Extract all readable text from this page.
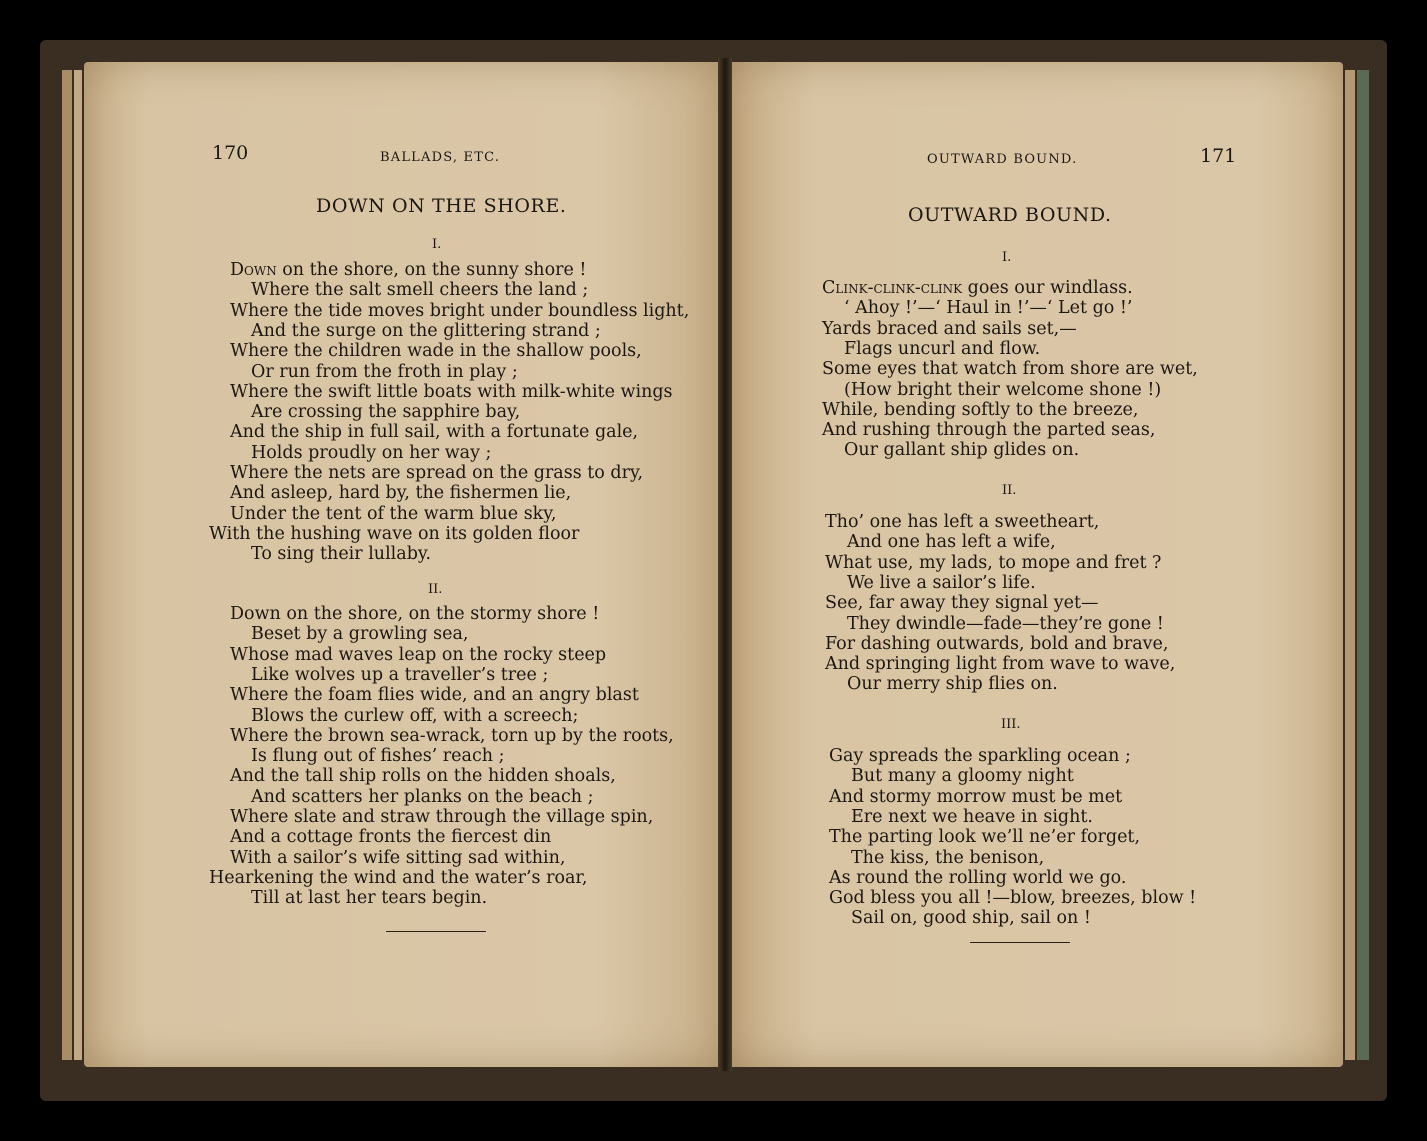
170	BALLADS, ETC.
DOWN ON THE SHORE.
I.
Down on the shore, on the sunny shore !
Where the salt smell cheers the land ;
Where the tide moves bright under boundless light,
And the surge on the glittering strand ;
Where the children wade in the shallow pools,
Or run from the froth in play ;
Where the swift little boats with milk-white wings
Are crossing the sapphire bay,
And the ship in full sail, with a fortunate gale,
Holds proudly on her way ;
Where the nets are spread on the grass to dry,
And asleep, hard by, the fishermen lie,
Under the tent of the warm blue sky,
With the hushing wave on its golden floor
To sing their lullaby.
II.
Down on the shore, on the stormy shore !
Beset by a growling sea,
Whose mad waves leap on the rocky steep
Like wolves up a traveller’s tree ;
Where the foam flies wide, and an angry blast
Blows the curlew off, with a screech;
Where the brown sea-wrack, torn up by the roots,
Is flung out of fishes’ reach ;
And the tall ship rolls on the hidden shoals,
And scatters her planks on the beach ;
Where slate and straw through the village spin,
And a cottage fronts the fiercest din
With a sailor’s wife sitting sad within,
Hearkening the wind and the water’s roar,
Till at last her tears begin.
OUTWARD BOUND.	171
OUTWARD BOUND.
I.
Clink-clink-clink goes our windlass.
‘ Ahoy !’—‘ Haul in !’—‘ Let go !’
Yards braced and sails set,—
Flags uncurl and flow.
Some eyes that watch from shore are wet,
(How bright their welcome shone !)
While, bending softly to the breeze,
And rushing through the parted seas,
Our gallant ship glides on.
II.
Tho’ one has left a sweetheart,
And one has left a wife,
What use, my lads, to mope and fret ?
We live a sailor’s life.
See, far away they signal yet—
They dwindle—fade—they’re gone !
For dashing outwards, bold and brave,
And springing light from wave to wave,
Our merry ship flies on.
III.
Gay spreads the sparkling ocean ;
But many a gloomy night
And stormy morrow must be met
Ere next we heave in sight.
The parting look we’ll ne’er forget,
The kiss, the benison,
As round the rolling world we go.
God bless you all !—blow, breezes, blow !
Sail on, good ship, sail on !
